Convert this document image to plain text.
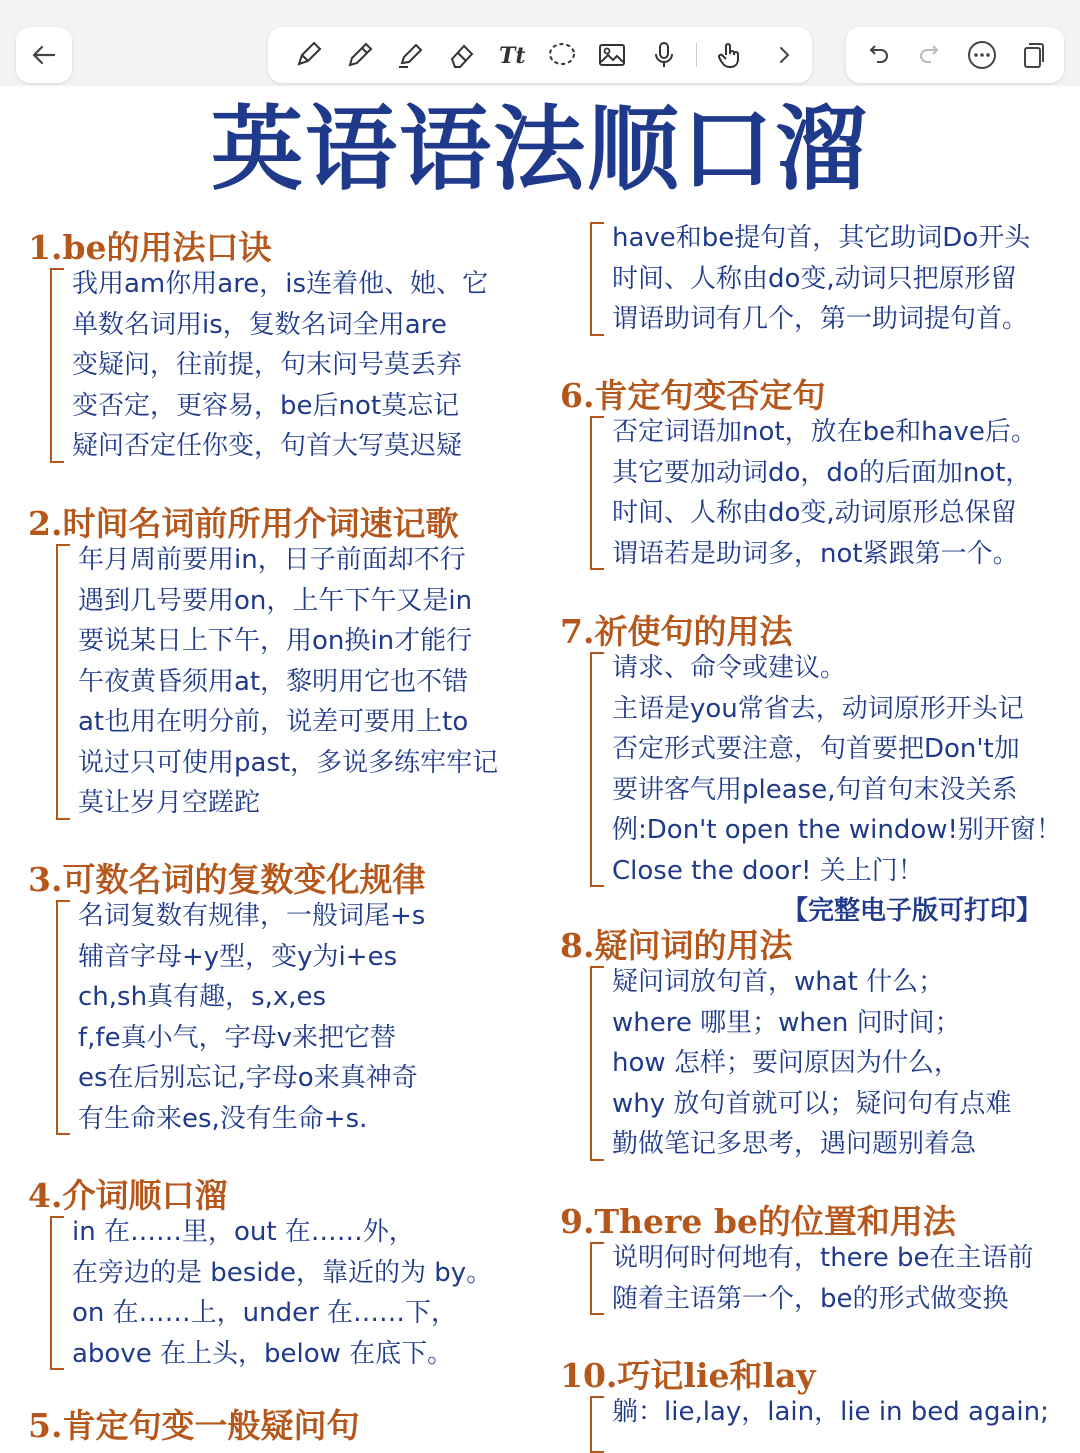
Tt
英语语法顺口溜
1.be的用法口诀
我用am你用are，is连着他、她、它
单数名词用is，复数名词全用are
变疑问，往前提，句末问号莫丢弃
变否定，更容易，be后not莫忘记
疑问否定任你变，句首大写莫迟疑
2.时间名词前所用介词速记歌
年月周前要用in，日子前面却不行
遇到几号要用on，上午下午又是in
要说某日上下午，用on换in才能行
午夜黄昏须用at，黎明用它也不错
at也用在明分前，说差可要用上to
说过只可使用past，多说多练牢牢记
莫让岁月空蹉跎
3.可数名词的复数变化规律
名词复数有规律，一般词尾+s
辅音字母+y型，变y为i+es
ch,sh真有趣，s,x,es
f,fe真小气，字母v来把它替
es在后别忘记,字母o来真神奇
有生命来es,没有生命+s.
4.介词顺口溜
in 在……里，out 在……外，
在旁边的是 beside，靠近的为 by。
on 在……上，under 在……下，
above 在上头，below 在底下。
5.肯定句变一般疑问句
have和be提句首，其它助词Do开头
时间、人称由do变,动词只把原形留
谓语助词有几个，第一助词提句首。
6.肯定句变否定句
否定词语加not，放在be和have后。
其它要加动词do，do的后面加not，
时间、人称由do变,动词原形总保留
谓语若是助词多，not紧跟第一个。
7.祈使句的用法
请求、命令或建议。
主语是you常省去，动词原形开头记
否定形式要注意，句首要把Don't加
要讲客气用please,句首句末没关系
例:Don't open the window!别开窗！
Close the door! 关上门！
【完整电子版可打印】
8.疑问词的用法
疑问词放句首，what 什么；
where 哪里；when 问时间；
how 怎样；要问原因为什么，
why 放句首就可以；疑问句有点难
勤做笔记多思考，遇问题别着急
9.There be的位置和用法
说明何时何地有，there be在主语前
随着主语第一个，be的形式做变换
10.巧记lie和lay
躺：lie,lay，lain，lie in bed again;
